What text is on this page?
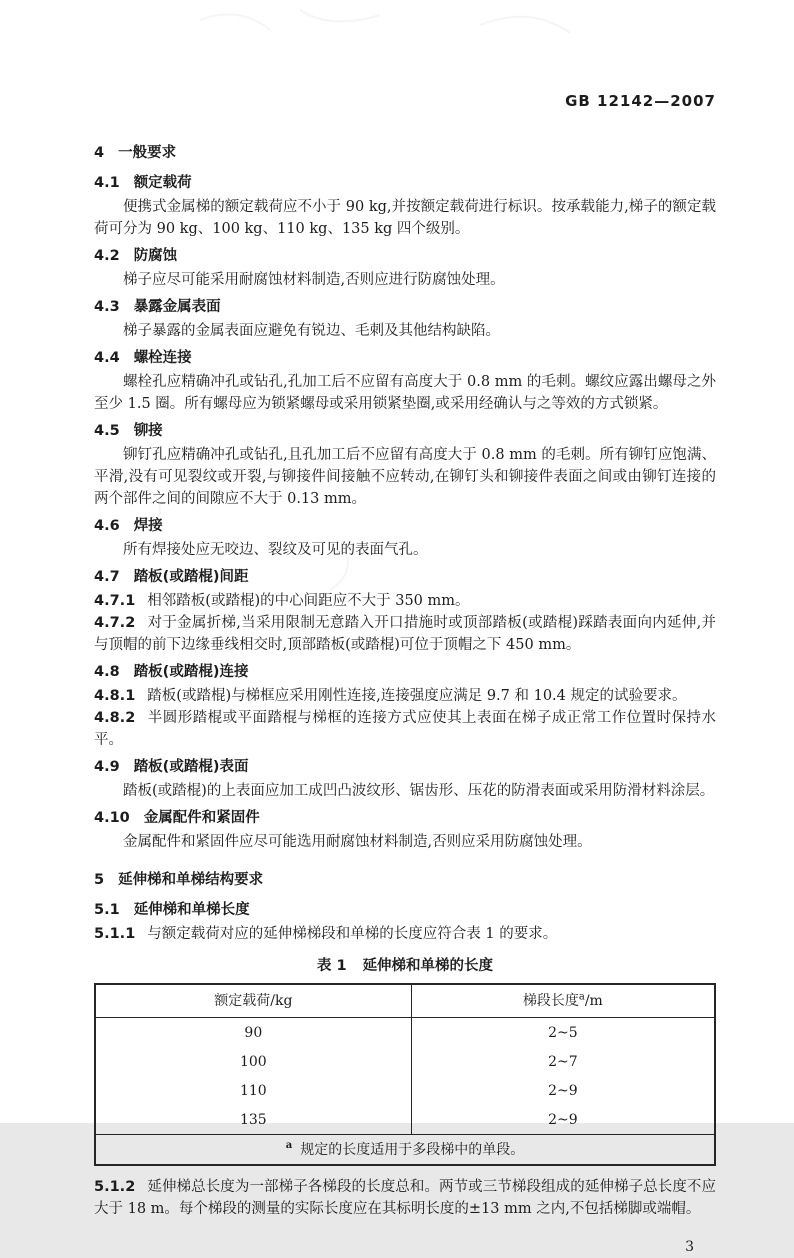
GB 12142—2007
4 一般要求
4.1 额定载荷

便携式金属梯的额定载荷应不小于 90 kg,并按额定载荷进行标识。按承载能力,梯子的额定载荷可分为 90 kg、100 kg、110 kg、135 kg 四个级别。

4.2 防腐蚀

梯子应尽可能采用耐腐蚀材料制造,否则应进行防腐蚀处理。

4.3 暴露金属表面

梯子暴露的金属表面应避免有锐边、毛刺及其他结构缺陷。

4.4 螺栓连接

螺栓孔应精确冲孔或钻孔,孔加工后不应留有高度大于 0.8 mm 的毛刺。螺纹应露出螺母之外至少 1.5 圈。所有螺母应为锁紧螺母或采用锁紧垫圈,或采用经确认与之等效的方式锁紧。

4.5 铆接

铆钉孔应精确冲孔或钻孔,且孔加工后不应留有高度大于 0.8 mm 的毛刺。所有铆钉应饱满、平滑,没有可见裂纹或开裂,与铆接件间接触不应转动,在铆钉头和铆接件表面之间或由铆钉连接的两个部件之间的间隙应不大于 0.13 mm。

4.6 焊接

所有焊接处应无咬边、裂纹及可见的表面气孔。

4.7 踏板(或踏棍)间距

4.7.1 相邻踏板(或踏棍)的中心间距应不大于 350 mm。

4.7.2 对于金属折梯,当采用限制无意踏入开口措施时或顶部踏板(或踏棍)踩踏表面向内延伸,并与顶帽的前下边缘垂线相交时,顶部踏板(或踏棍)可位于顶帽之下 450 mm。

4.8 踏板(或踏棍)连接

4.8.1 踏板(或踏棍)与梯框应采用刚性连接,连接强度应满足 9.7 和 10.4 规定的试验要求。

4.8.2 半圆形踏棍或平面踏棍与梯框的连接方式应使其上表面在梯子成正常工作位置时保持水平。

4.9 踏板(或踏棍)表面

踏板(或踏棍)的上表面应加工成凹凸波纹形、锯齿形、压花的防滑表面或采用防滑材料涂层。

4.10 金属配件和紧固件

金属配件和紧固件应尽可能选用耐腐蚀材料制造,否则应采用防腐蚀处理。

5 延伸梯和单梯结构要求
5.1 延伸梯和单梯长度

5.1.1 与额定载荷对应的延伸梯梯段和单梯的长度应符合表 1 的要求。

表 1 延伸梯和单梯的长度
额定载荷/kg	梯段长度$^a$/m
90	2~5
100	2~7
110	2~9
135	2~9
$^a$ 规定的长度适用于多段梯中的单段。	

5.1.2 延伸梯总长度为一部梯子各梯段的长度总和。两节或三节梯段组成的延伸梯子总长度不应大于 18 m。每个梯段的测量的实际长度应在其标明长度的±13 mm 之内,不包括梯脚或端帽。

3
